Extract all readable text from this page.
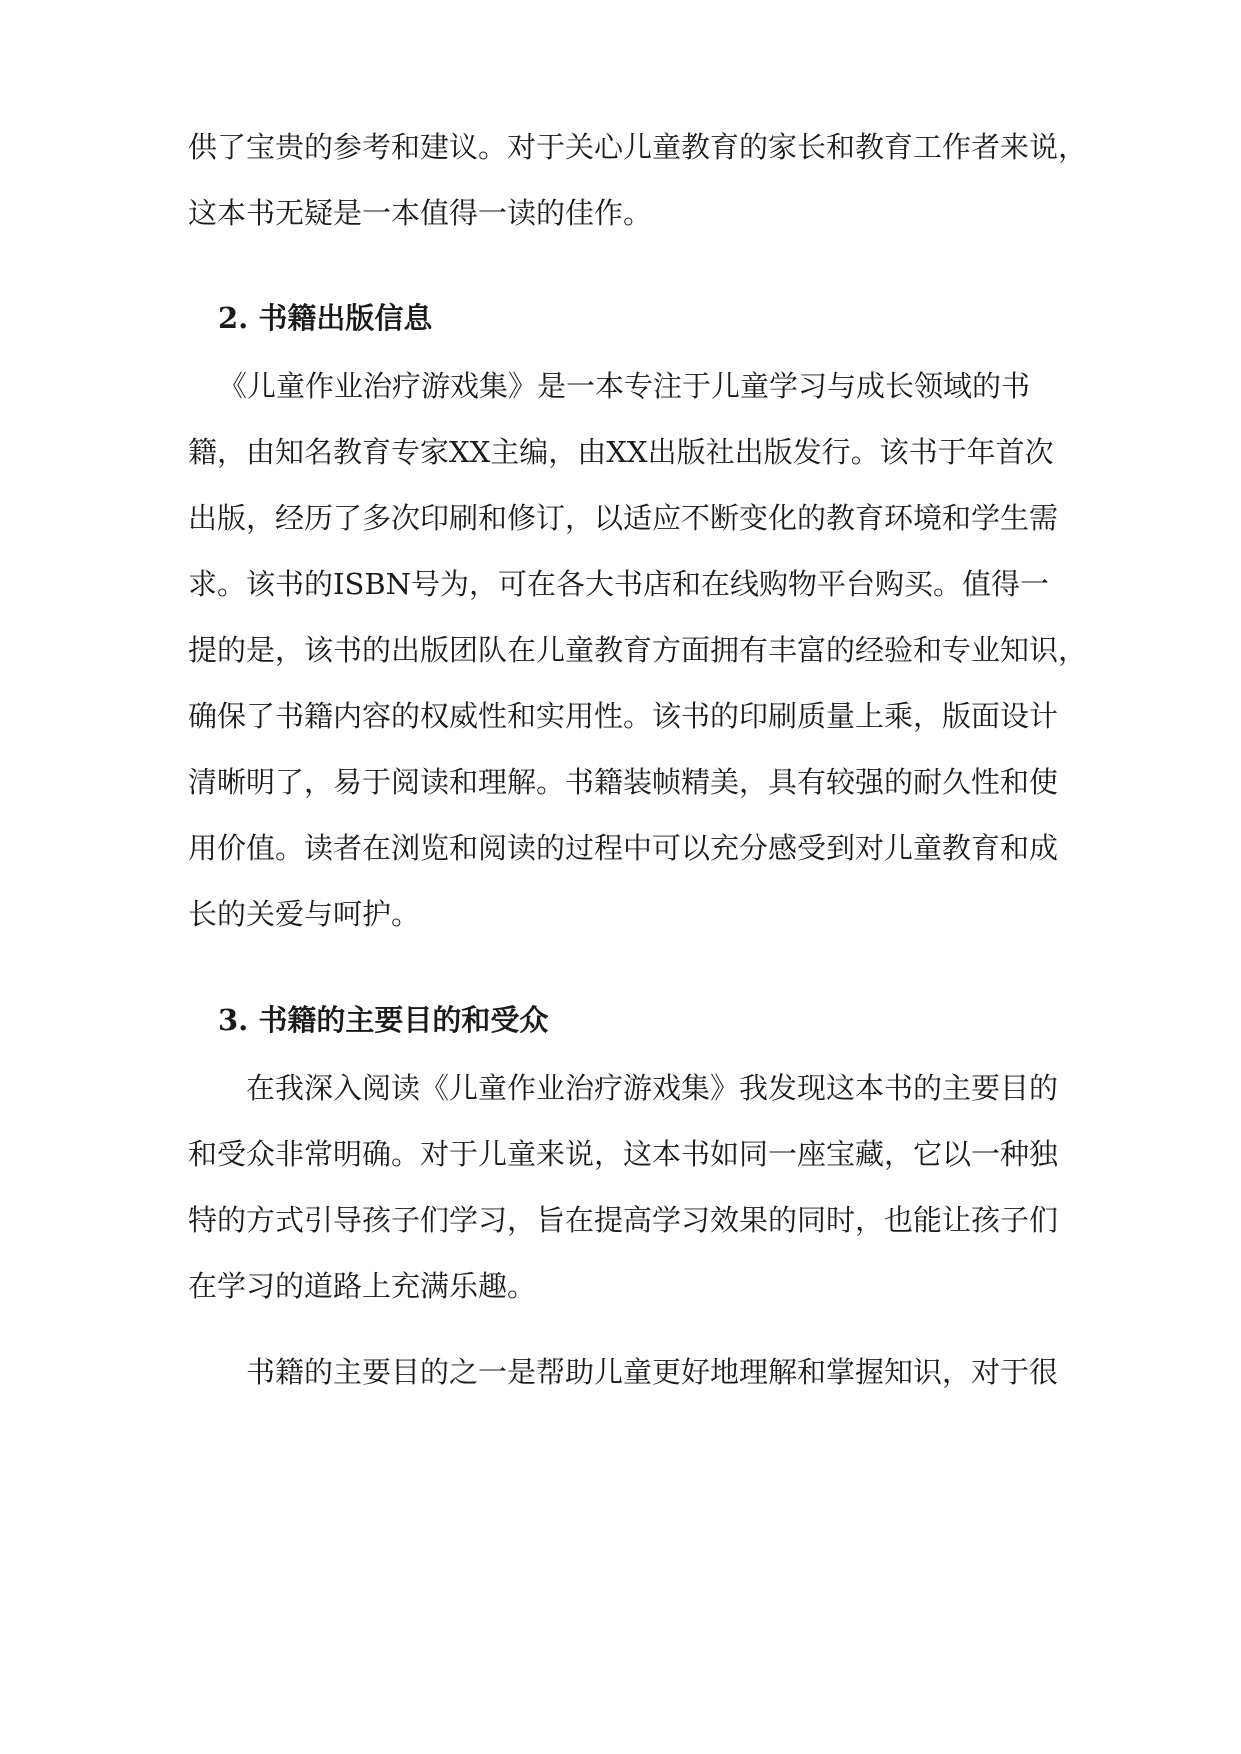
供了宝贵的参考和建议。对于关心儿童教育的家长和教育工作者来说，
这本书无疑是一本值得一读的佳作。
2. 书籍出版信息
《儿童作业治疗游戏集》是一本专注于儿童学习与成长领域的书
籍，由知名教育专家XX主编，由XX出版社出版发行。该书于年首次
出版，经历了多次印刷和修订，以适应不断变化的教育环境和学生需
求。该书的ISBN号为，可在各大书店和在线购物平台购买。值得一
提的是，该书的出版团队在儿童教育方面拥有丰富的经验和专业知识，
确保了书籍内容的权威性和实用性。该书的印刷质量上乘，版面设计
清晰明了，易于阅读和理解。书籍装帧精美，具有较强的耐久性和使
用价值。读者在浏览和阅读的过程中可以充分感受到对儿童教育和成
长的关爱与呵护。
3. 书籍的主要目的和受众
在我深入阅读《儿童作业治疗游戏集》我发现这本书的主要目的
和受众非常明确。对于儿童来说，这本书如同一座宝藏，它以一种独
特的方式引导孩子们学习，旨在提高学习效果的同时，也能让孩子们
在学习的道路上充满乐趣。
书籍的主要目的之一是帮助儿童更好地理解和掌握知识，对于很
